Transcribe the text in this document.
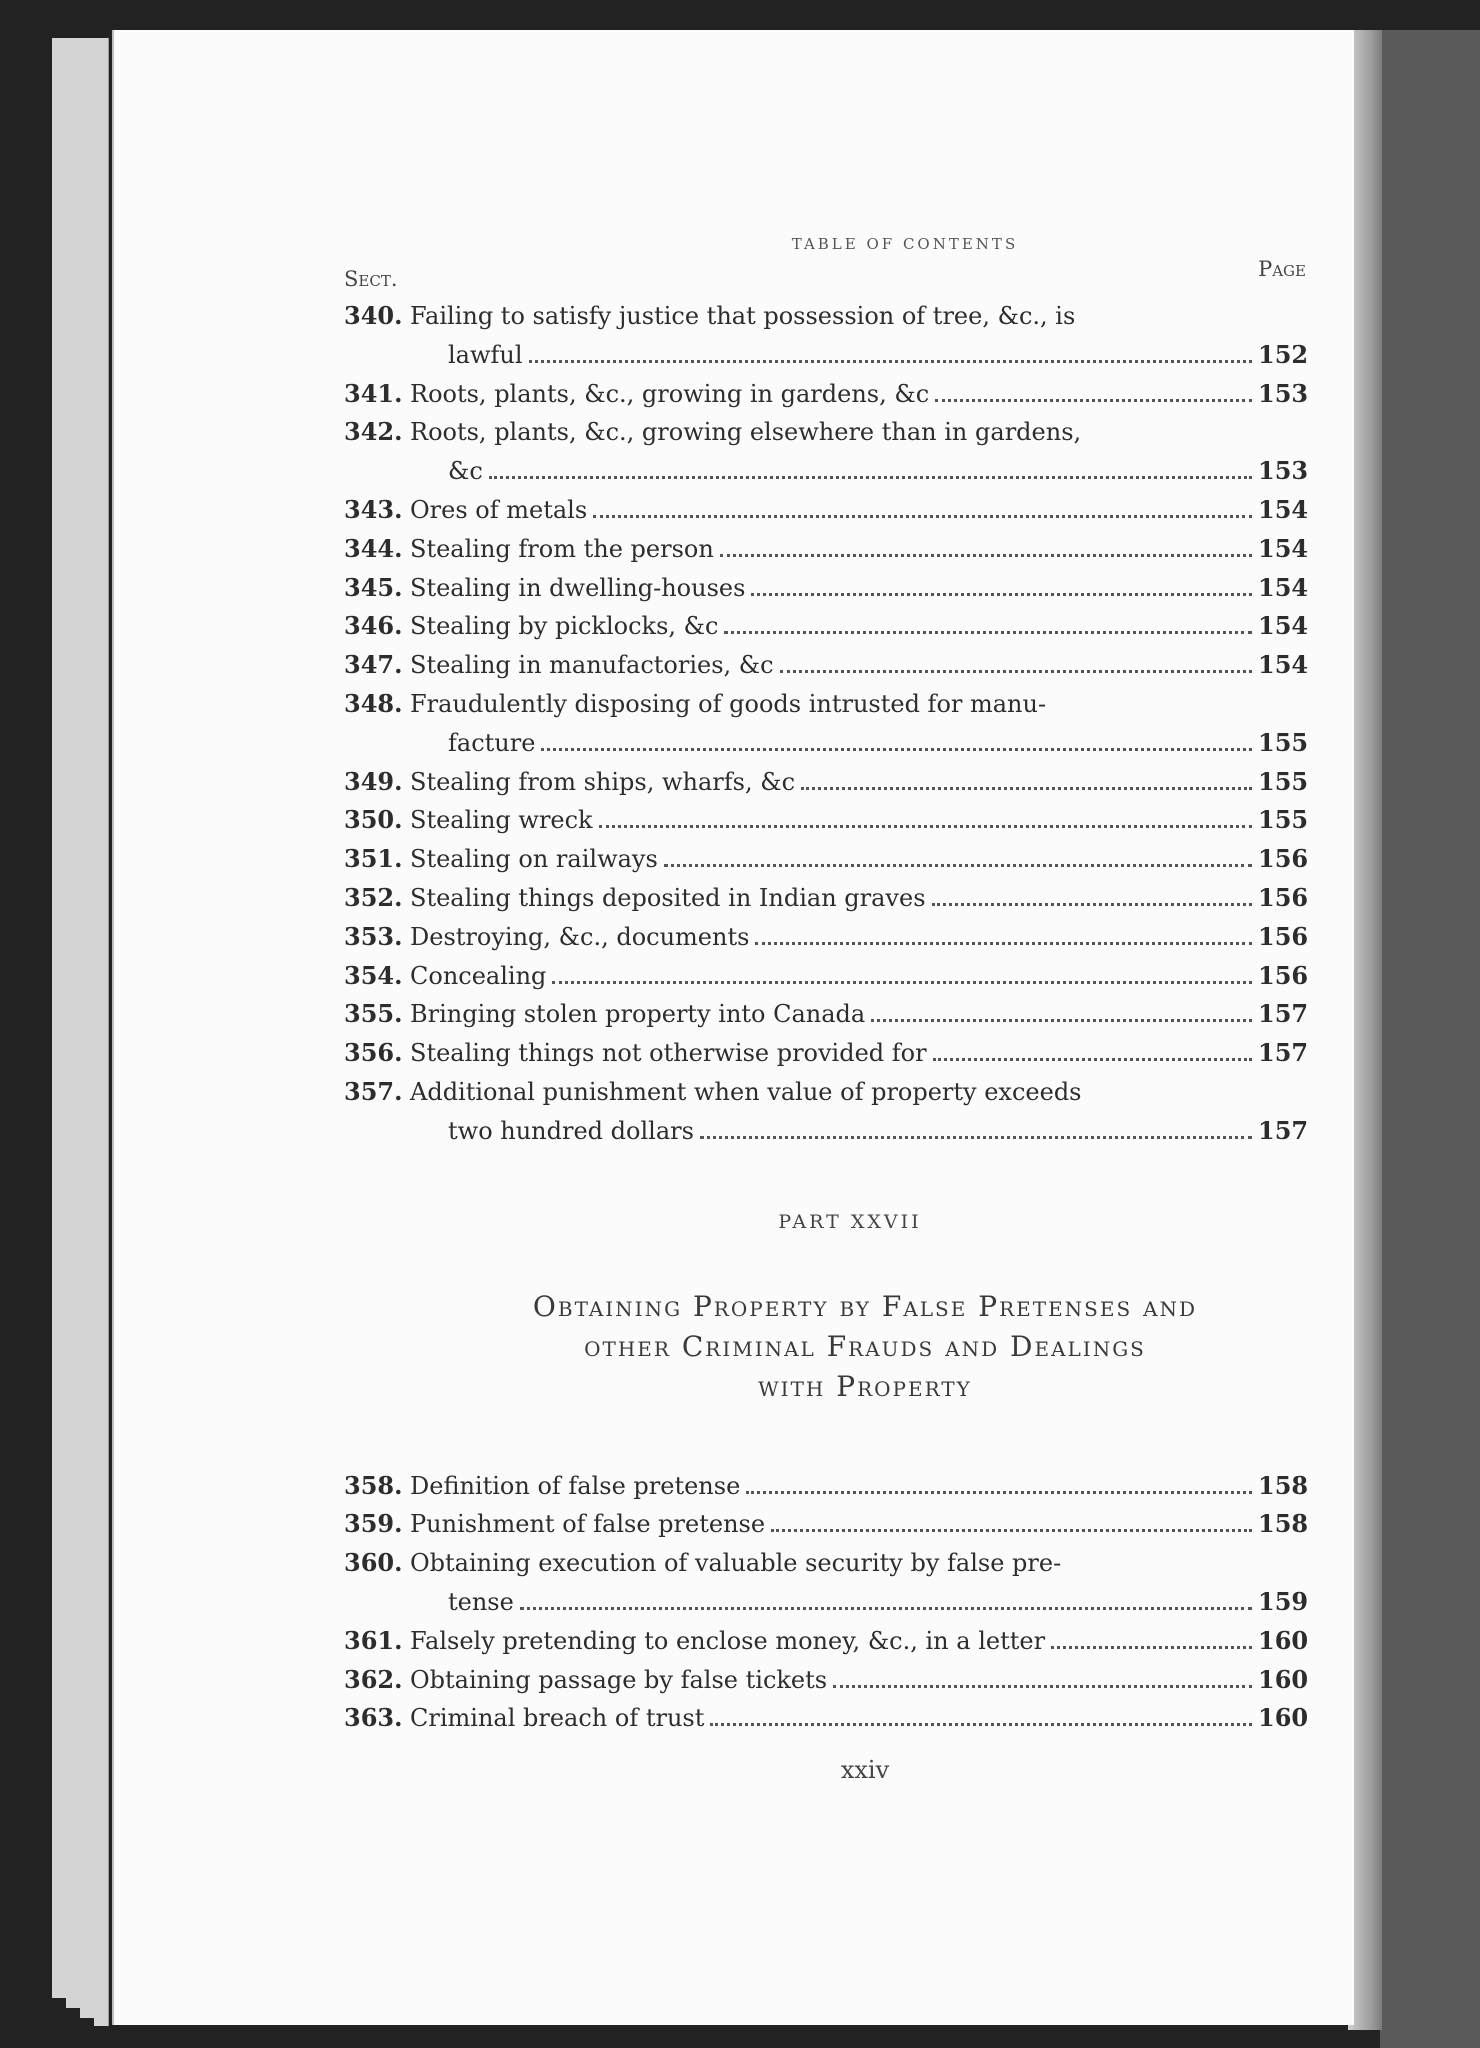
TABLE OF CONTENTS
Sect.	Page
340. Failing to satisfy justice that possession of tree, &c., is
lawful	152
341. Roots, plants, &c., growing in gardens, &c	153
342. Roots, plants, &c., growing elsewhere than in gardens,
&c	153
343. Ores of metals	154
344. Stealing from the person	154
345. Stealing in dwelling-houses	154
346. Stealing by picklocks, &c	154
347. Stealing in manufactories, &c	154
348. Fraudulently disposing of goods intrusted for manu-
facture	155
349. Stealing from ships, wharfs, &c	155
350. Stealing wreck	155
351. Stealing on railways	156
352. Stealing things deposited in Indian graves	156
353. Destroying, &c., documents	156
354. Concealing	156
355. Bringing stolen property into Canada	157
356. Stealing things not otherwise provided for	157
357. Additional punishment when value of property exceeds
two hundred dollars	157
PART XXVII
Obtaining Property by False Pretenses and
other Criminal Frauds and Dealings
with Property
358. Definition of false pretense	158
359. Punishment of false pretense	158
360. Obtaining execution of valuable security by false pre-
tense	159
361. Falsely pretending to enclose money, &c., in a letter	160
362. Obtaining passage by false tickets	160
363. Criminal breach of trust	160
xxiv
